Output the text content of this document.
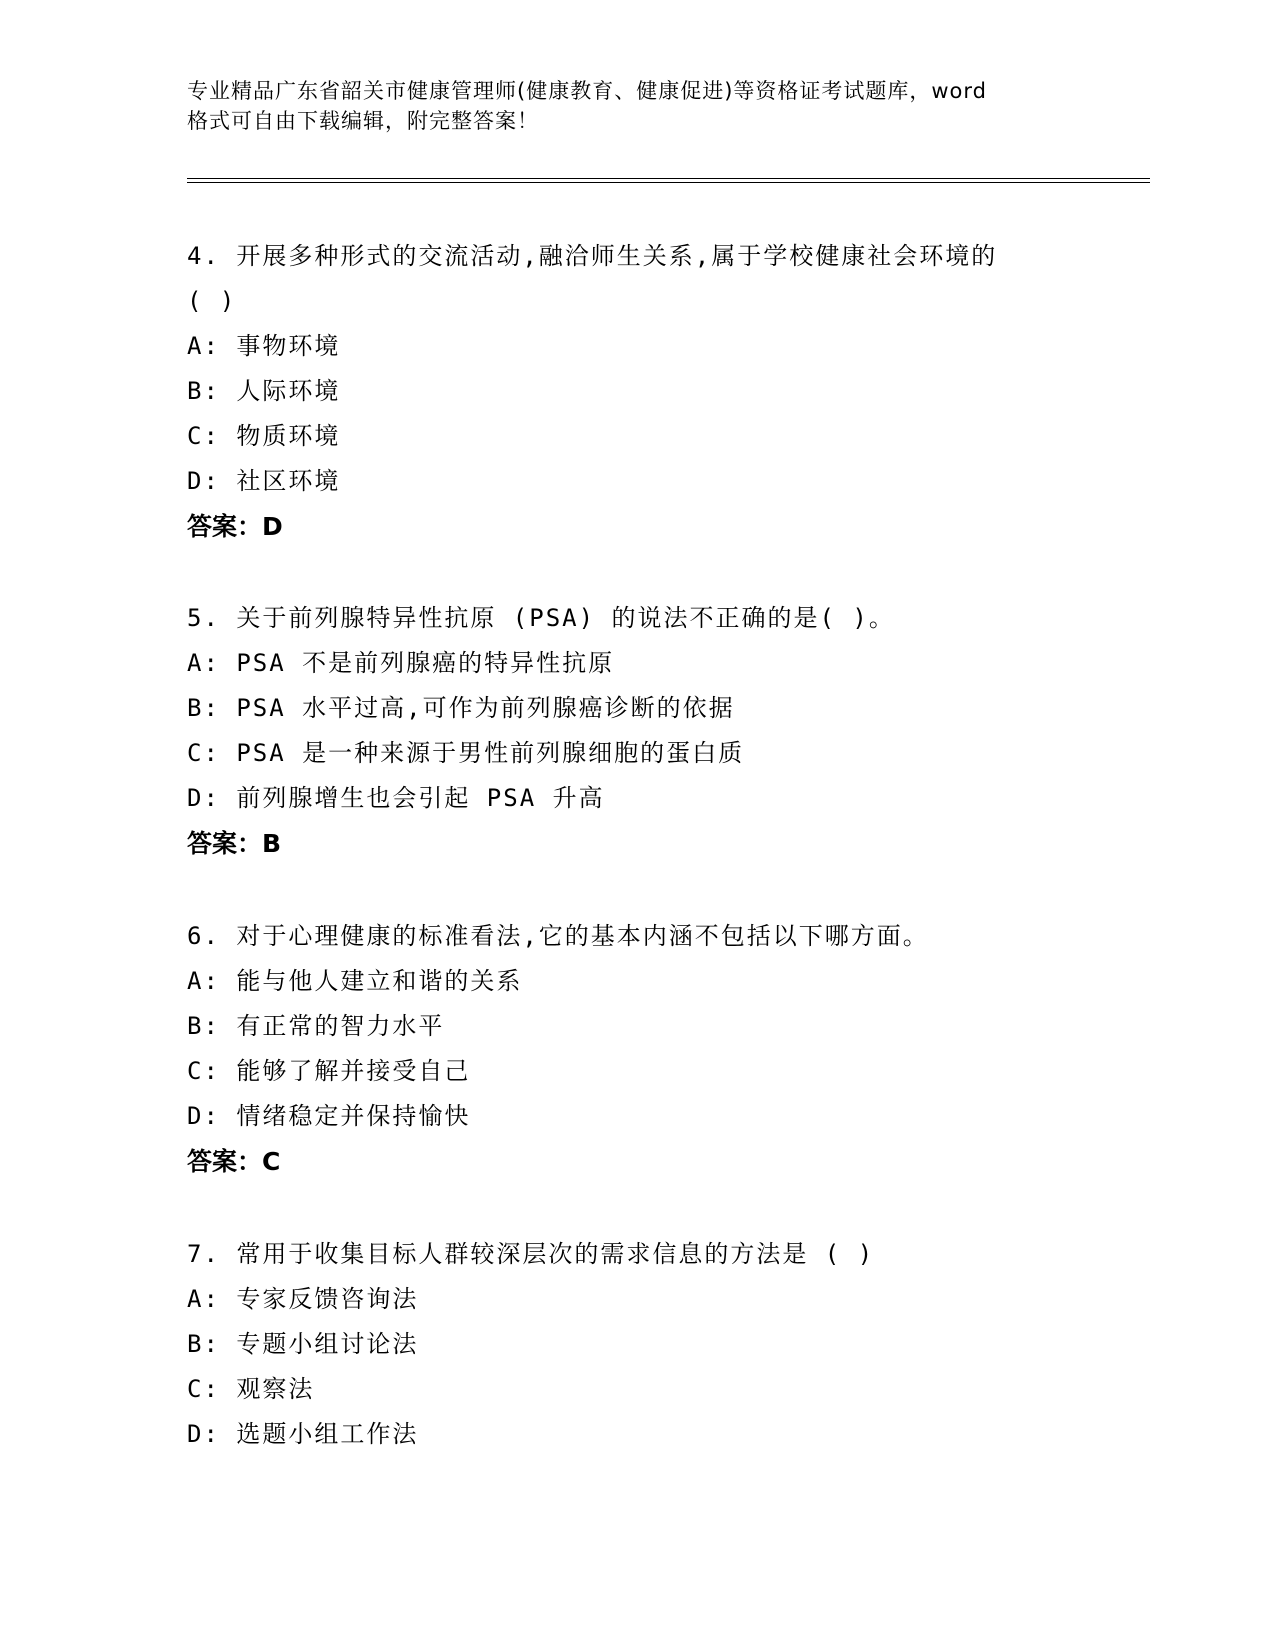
专业精品广东省韶关市健康管理师(健康教育、健康促进)等资格证考试题库，word
格式可自由下载编辑，附完整答案！
4. 开展多种形式的交流活动,融洽师生关系,属于学校健康社会环境的
( )
A: 事物环境
B: 人际环境
C: 物质环境
D: 社区环境
答案：D
5. 关于前列腺特异性抗原 (PSA) 的说法不正确的是( )。
A: PSA 不是前列腺癌的特异性抗原
B: PSA 水平过高,可作为前列腺癌诊断的依据
C: PSA 是一种来源于男性前列腺细胞的蛋白质
D: 前列腺增生也会引起 PSA 升高
答案：B
6. 对于心理健康的标准看法,它的基本内涵不包括以下哪方面。
A: 能与他人建立和谐的关系
B: 有正常的智力水平
C: 能够了解并接受自己
D: 情绪稳定并保持愉快
答案：C
7. 常用于收集目标人群较深层次的需求信息的方法是 ( )
A: 专家反馈咨询法
B: 专题小组讨论法
C: 观察法
D: 选题小组工作法
